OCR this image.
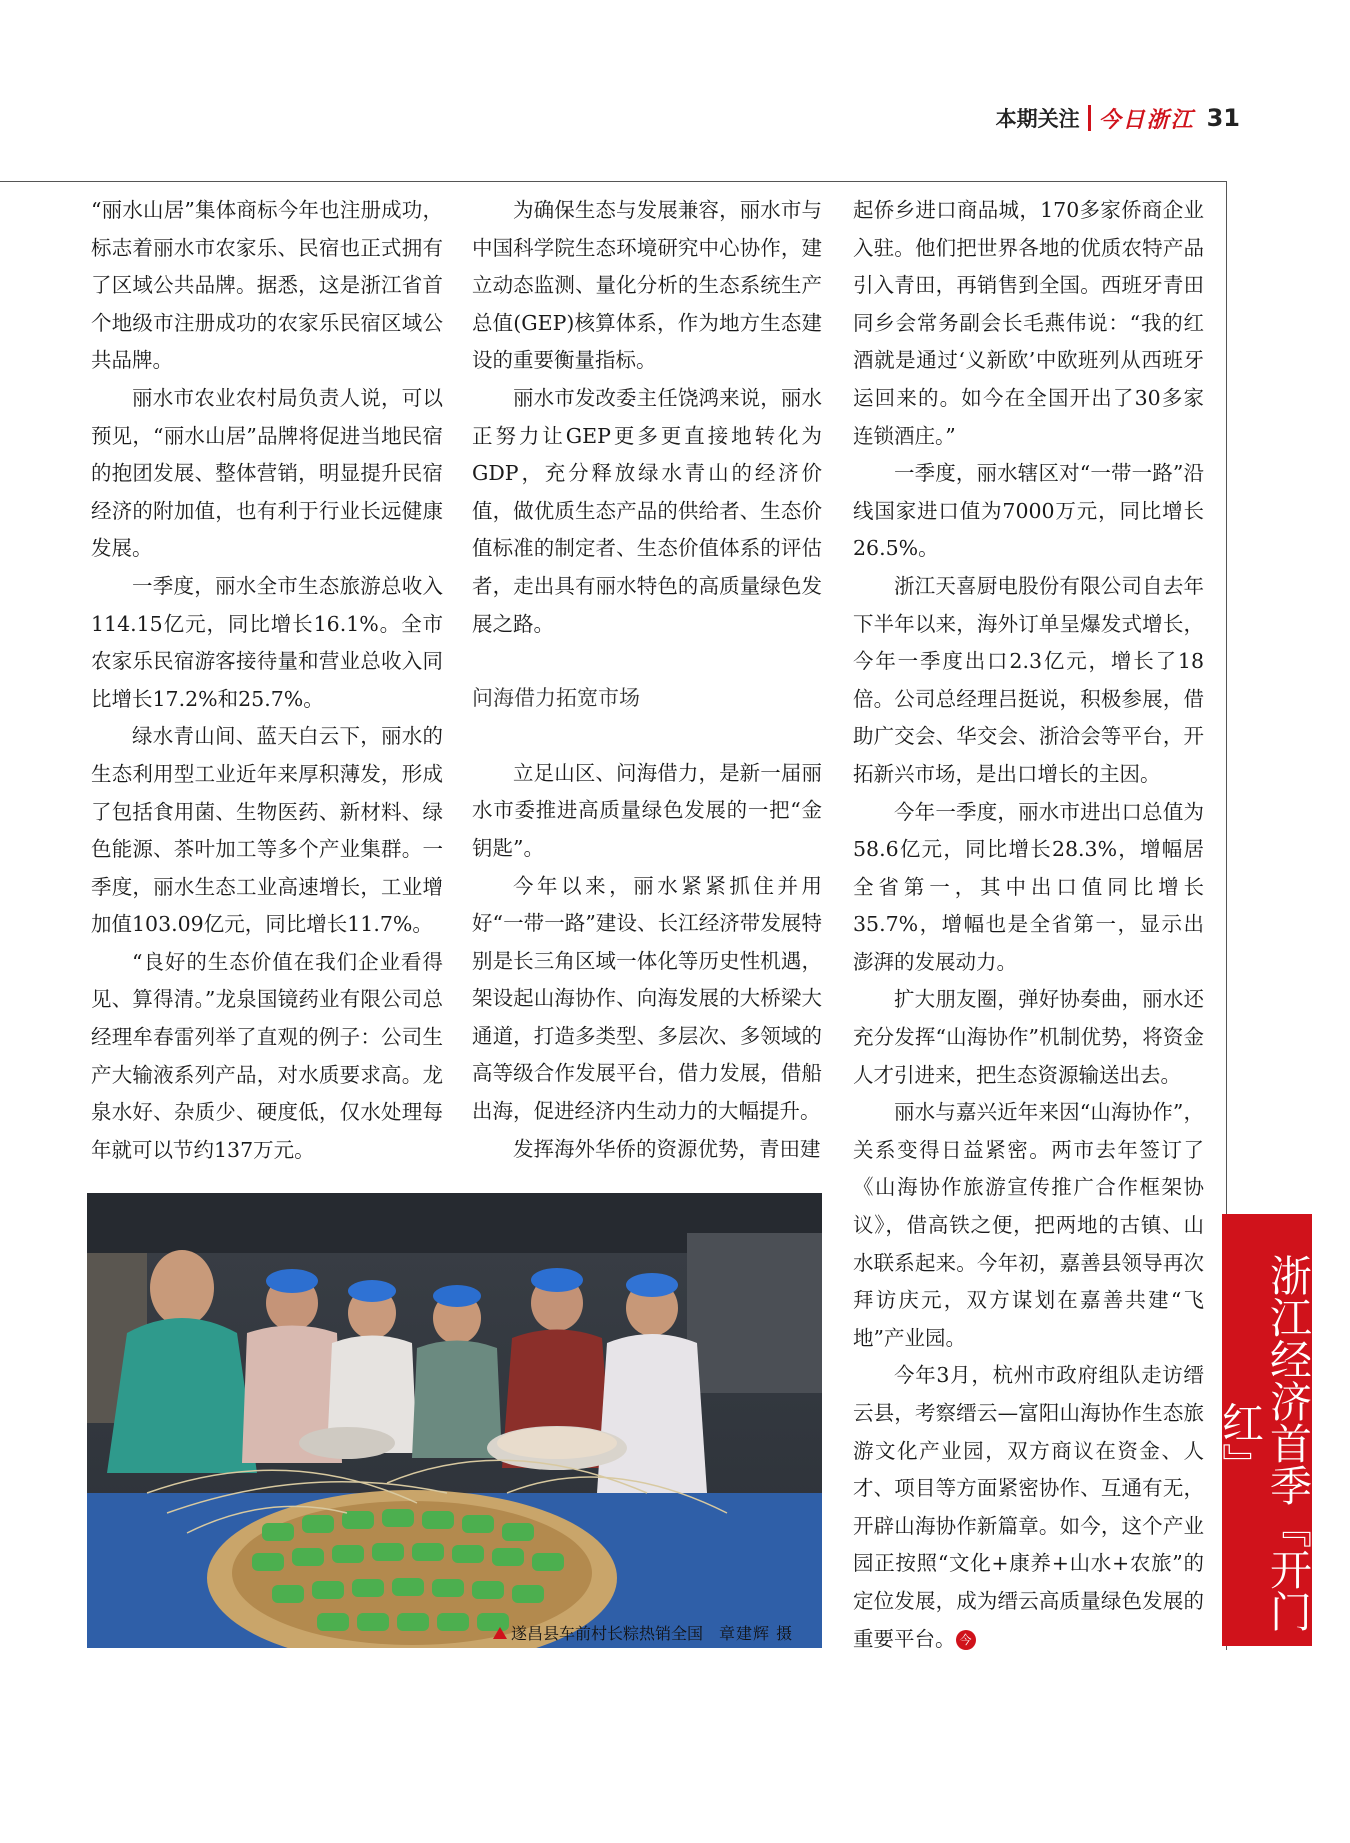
本期关注 今日浙江 31

“丽水山居”集体商标今年也注册成功，标志着丽水市农家乐、民宿也正式拥有了区域公共品牌。据悉，这是浙江省首个地级市注册成功的农家乐民宿区域公共品牌。

丽水市农业农村局负责人说，可以预见，“丽水山居”品牌将促进当地民宿的抱团发展、整体营销，明显提升民宿经济的附加值，也有利于行业长远健康发展。

一季度，丽水全市生态旅游总收入114.15亿元，同比增长16.1%。全市农家乐民宿游客接待量和营业总收入同比增长17.2%和25.7%。

绿水青山间、蓝天白云下，丽水的生态利用型工业近年来厚积薄发，形成了包括食用菌、生物医药、新材料、绿色能源、茶叶加工等多个产业集群。一季度，丽水生态工业高速增长，工业增加值103.09亿元，同比增长11.7%。

“良好的生态价值在我们企业看得见、算得清。”龙泉国镜药业有限公司总经理牟春雷列举了直观的例子：公司生产大输液系列产品，对水质要求高。龙泉水好、杂质少、硬度低，仅水处理每年就可以节约137万元。

为确保生态与发展兼容，丽水市与中国科学院生态环境研究中心协作，建立动态监测、量化分析的生态系统生产总值(GEP)核算体系，作为地方生态建设的重要衡量指标。

丽水市发改委主任饶鸿来说，丽水正努力让GEP更多更直接地转化为GDP，充分释放绿水青山的经济价值，做优质生态产品的供给者、生态价值标准的制定者、生态价值体系的评估者，走出具有丽水特色的高质量绿色发展之路。

问海借力拓宽市场

立足山区、问海借力，是新一届丽水市委推进高质量绿色发展的一把“金钥匙”。

今年以来，丽水紧紧抓住并用好“一带一路”建设、长江经济带发展特别是长三角区域一体化等历史性机遇，架设起山海协作、向海发展的大桥梁大通道，打造多类型、多层次、多领域的高等级合作发展平台，借力发展，借船出海，促进经济内生动力的大幅提升。

发挥海外华侨的资源优势，青田建

起侨乡进口商品城，170多家侨商企业入驻。他们把世界各地的优质农特产品引入青田，再销售到全国。西班牙青田同乡会常务副会长毛燕伟说：“我的红酒就是通过‘义新欧’中欧班列从西班牙运回来的。如今在全国开出了30多家连锁酒庄。”

一季度，丽水辖区对“一带一路”沿线国家进口值为7000万元，同比增长26.5%。

浙江天喜厨电股份有限公司自去年下半年以来，海外订单呈爆发式增长，今年一季度出口2.3亿元，增长了18倍。公司总经理吕挺说，积极参展，借助广交会、华交会、浙洽会等平台，开拓新兴市场，是出口增长的主因。

今年一季度，丽水市进出口总值为58.6亿元，同比增长28.3%，增幅居全省第一，其中出口值同比增长35.7%，增幅也是全省第一，显示出澎湃的发展动力。

扩大朋友圈，弹好协奏曲，丽水还充分发挥“山海协作”机制优势，将资金人才引进来，把生态资源输送出去。

丽水与嘉兴近年来因“山海协作”，关系变得日益紧密。两市去年签订了《山海协作旅游宣传推广合作框架协议》，借高铁之便，把两地的古镇、山水联系起来。今年初，嘉善县领导再次拜访庆元，双方谋划在嘉善共建“飞地”产业园。

今年3月，杭州市政府组队走访缙云县，考察缙云—富阳山海协作生态旅游文化产业园，双方商议在资金、人才、项目等方面紧密协作、互通有无，开辟山海协作新篇章。如今，这个产业园正按照“文化+康养+山水+农旅”的定位发展，成为缙云高质量绿色发展的重要平台。 今

遂昌县车前村长粽热销全国 章建辉 摄
浙江经济首季『开门红』
